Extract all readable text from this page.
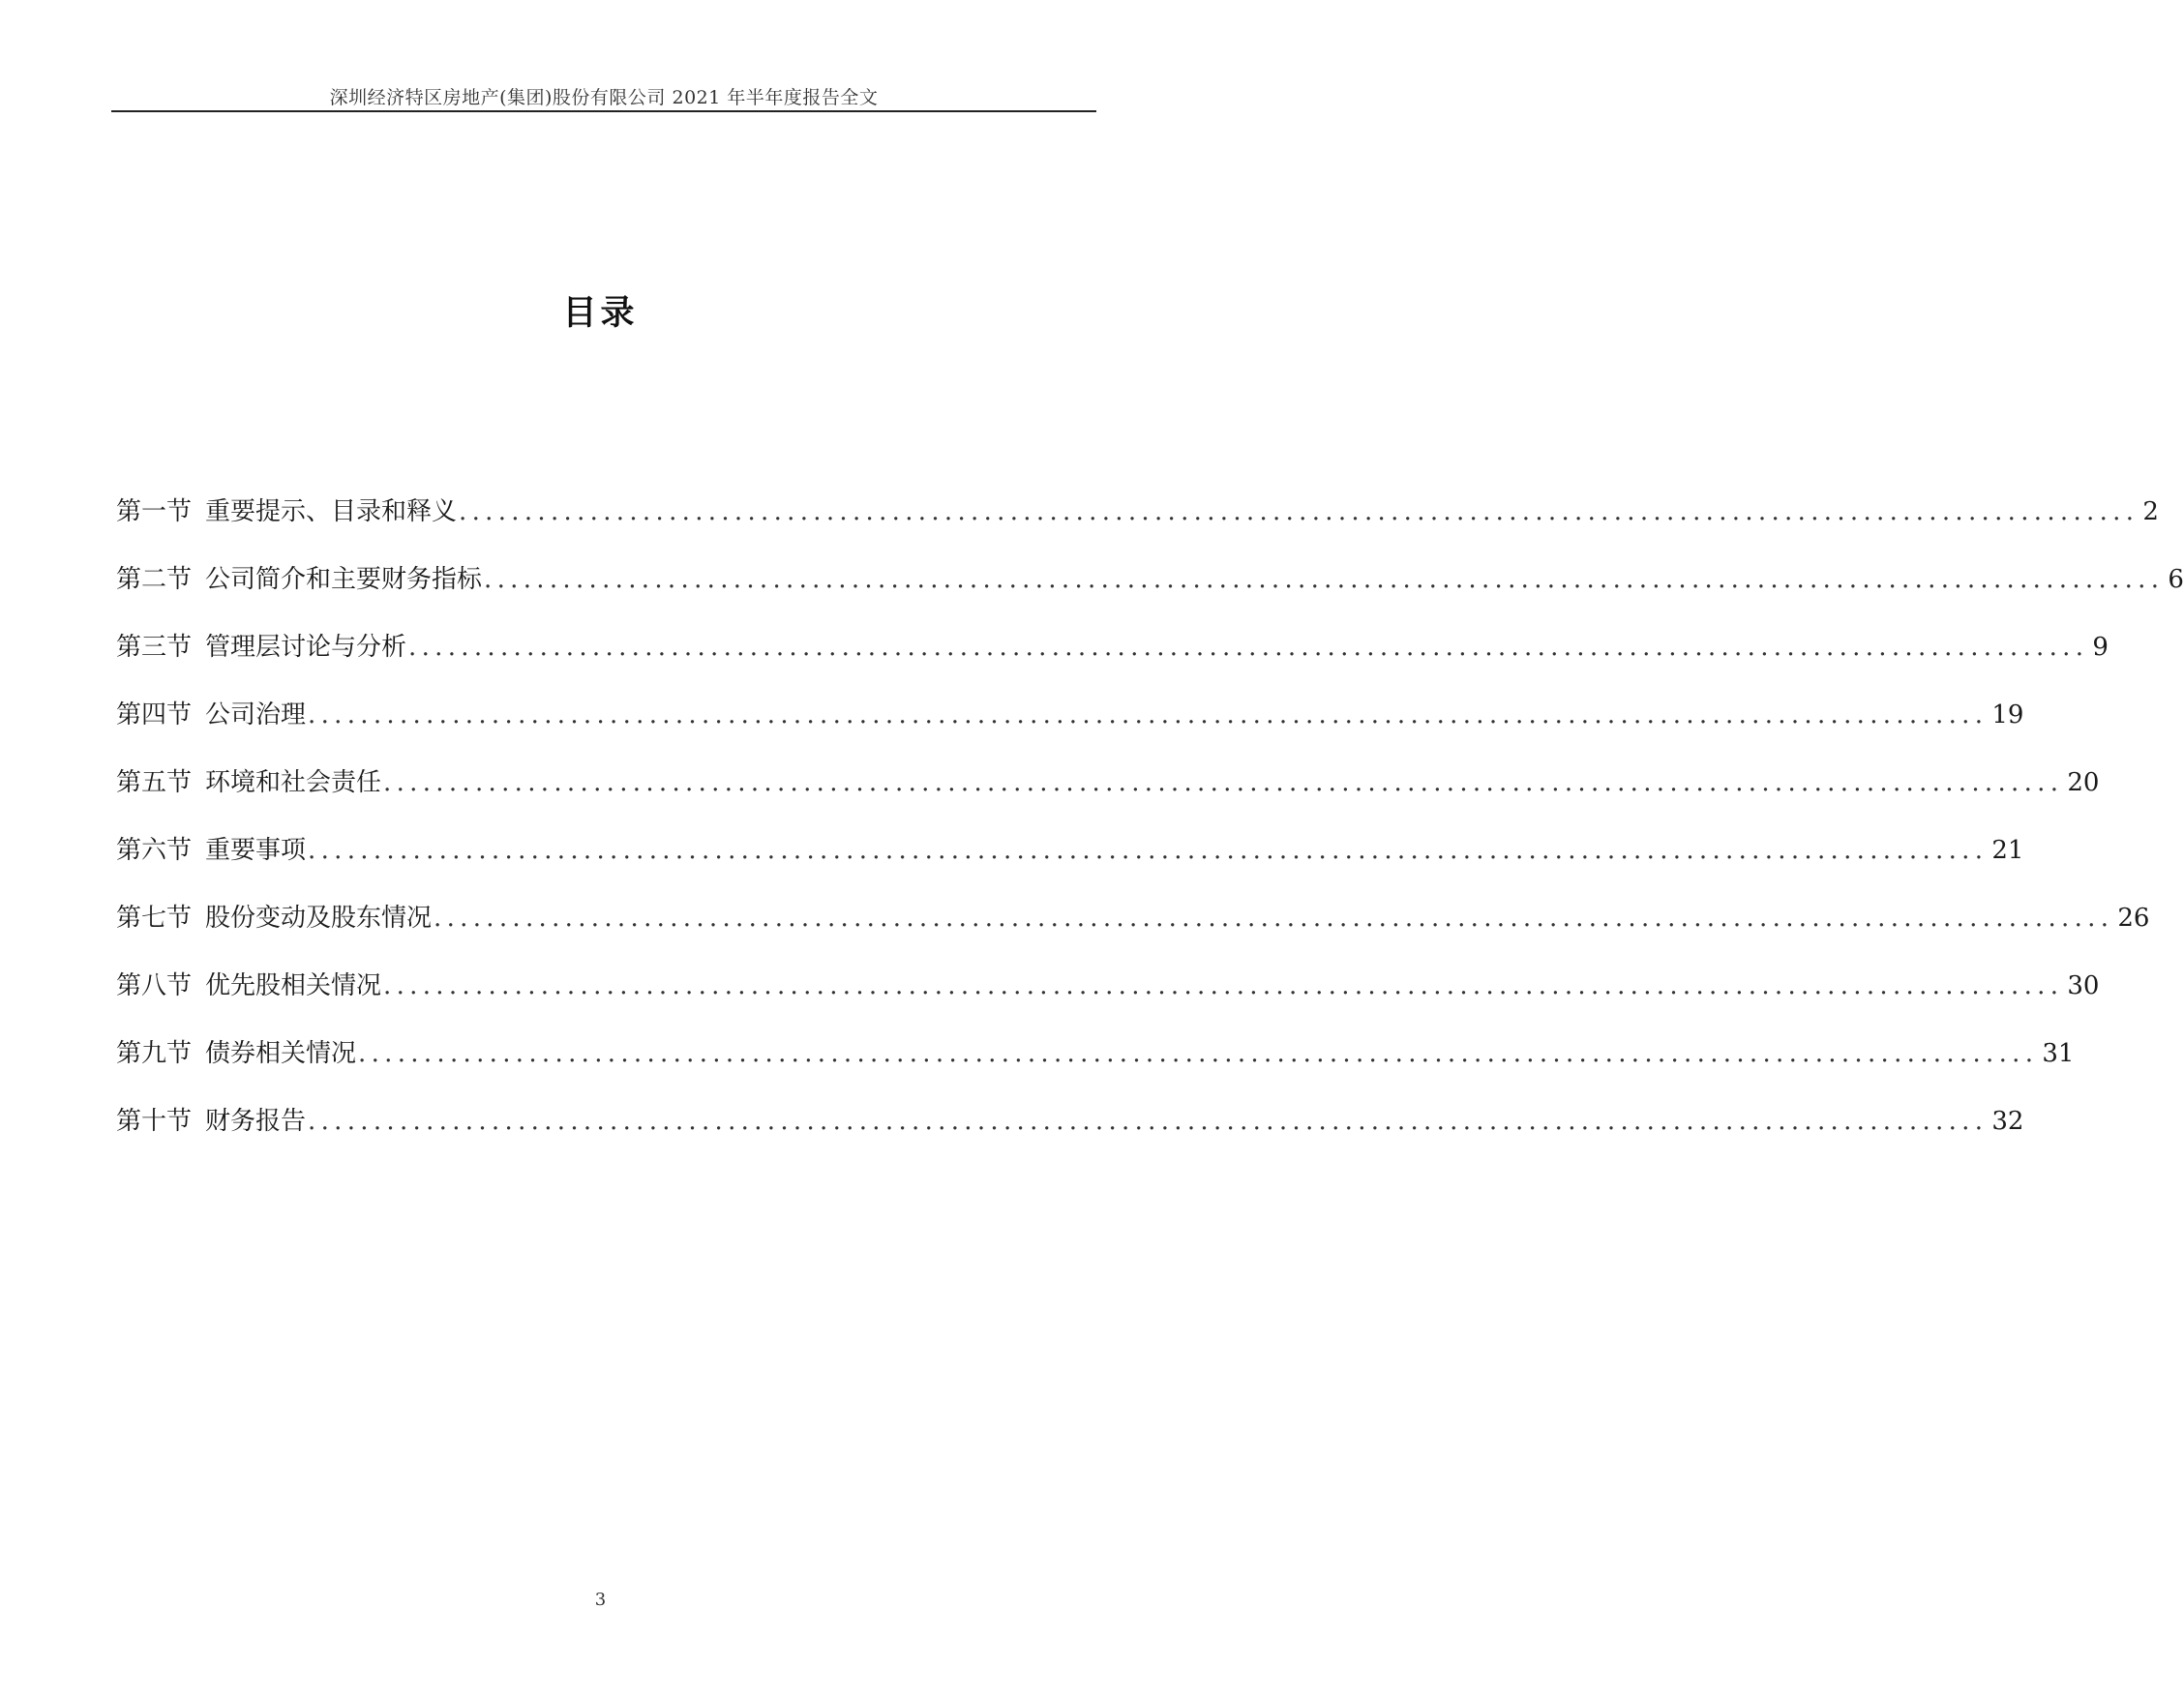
深圳经济特区房地产(集团)股份有限公司 2021 年半年度报告全文
目录
第一节 重要提示、目录和释义 ................................................................................................................................ 2
第二节 公司简介和主要财务指标 ................................................................................................................................ 6
第三节 管理层讨论与分析 ................................................................................................................................ 9
第四节 公司治理 ................................................................................................................................ 19
第五节 环境和社会责任 ................................................................................................................................ 20
第六节 重要事项 ................................................................................................................................ 21
第七节 股份变动及股东情况 ................................................................................................................................ 26
第八节 优先股相关情况 ................................................................................................................................ 30
第九节 债券相关情况 ................................................................................................................................ 31
第十节 财务报告 ................................................................................................................................ 32
3
